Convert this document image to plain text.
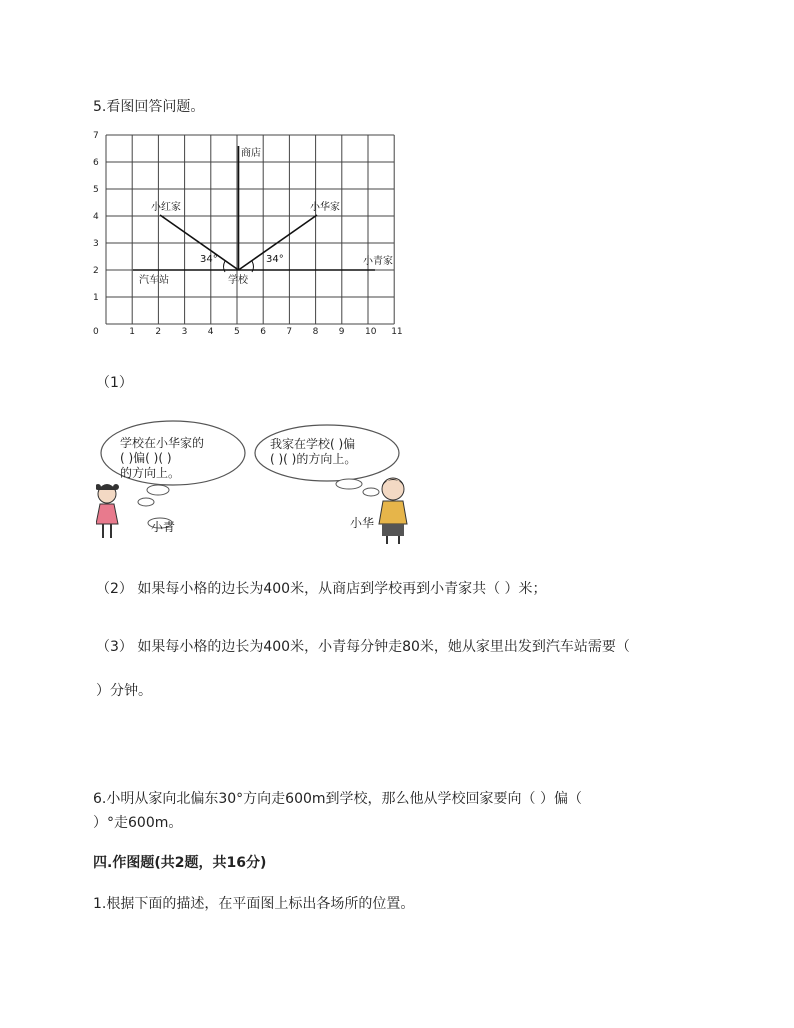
5.看图回答问题。
0	1 2 3 4 5 6 7 8 9 10 11
1
2
3
4
5
6
7
商店
小红家	小华家
小青家
汽车站	学校
34°	34°
（1）
学校在小华家的
( )偏( )( )
的方向上。
我家在学校( )偏
( )( )的方向上。
小青	小华
（2） 如果每小格的边长为400米，从商店到学校再到小青家共（ ）米；
（3） 如果每小格的边长为400米，小青每分钟走80米，她从家里出发到汽车站需要（
）分钟。
6.小明从家向北偏东30°方向走600m到学校，那么他从学校回家要向（ ）偏（
）°走600m。
四.作图题(共2题，共16分)
1.根据下面的描述，在平面图上标出各场所的位置。
